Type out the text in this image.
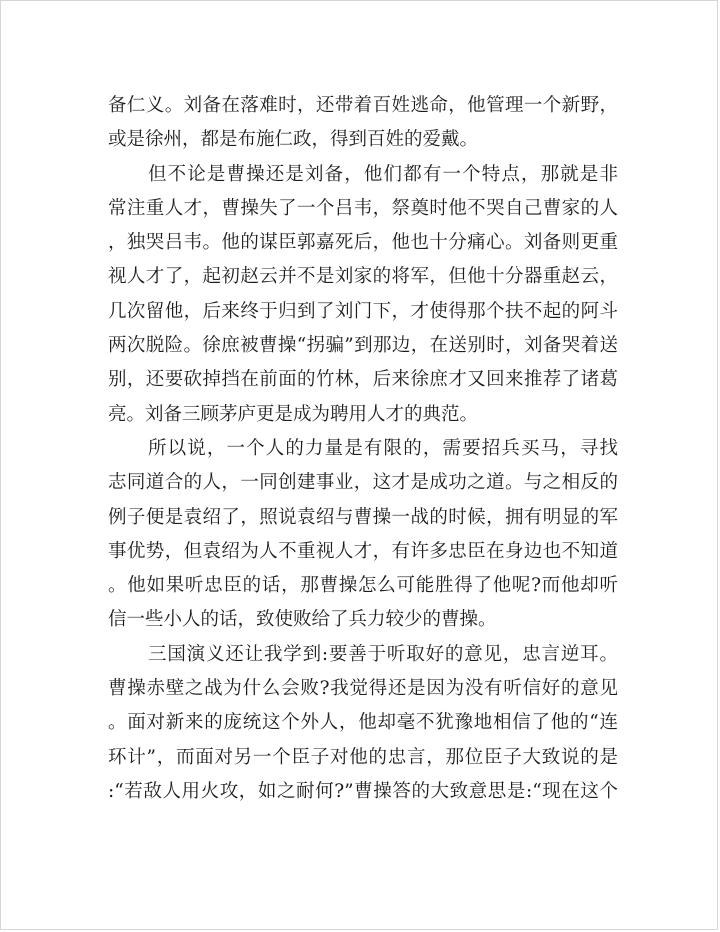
备仁义。刘备在落难时，还带着百姓逃命，他管理一个新野，
或是徐州，都是布施仁政，得到百姓的爱戴。
但不论是曹操还是刘备，他们都有一个特点，那就是非
常注重人才，曹操失了一个吕韦，祭奠时他不哭自己曹家的人
，独哭吕韦。他的谋臣郭嘉死后，他也十分痛心。刘备则更重
视人才了，起初赵云并不是刘家的将军，但他十分器重赵云，
几次留他，后来终于归到了刘门下，才使得那个扶不起的阿斗
两次脱险。徐庶被曹操“拐骗”到那边，在送别时，刘备哭着送
别，还要砍掉挡在前面的竹林，后来徐庶才又回来推荐了诸葛
亮。刘备三顾茅庐更是成为聘用人才的典范。
所以说，一个人的力量是有限的，需要招兵买马，寻找
志同道合的人，一同创建事业，这才是成功之道。与之相反的
例子便是袁绍了，照说袁绍与曹操一战的时候，拥有明显的军
事优势，但袁绍为人不重视人才，有许多忠臣在身边也不知道
。他如果听忠臣的话，那曹操怎么可能胜得了他呢?而他却听
信一些小人的话，致使败给了兵力较少的曹操。
三国演义还让我学到:要善于听取好的意见，忠言逆耳。
曹操赤壁之战为什么会败?我觉得还是因为没有听信好的意见
。面对新来的庞统这个外人，他却毫不犹豫地相信了他的“连
环计”，而面对另一个臣子对他的忠言，那位臣子大致说的是
:“若敌人用火攻，如之耐何?”曹操答的大致意思是:“现在这个
